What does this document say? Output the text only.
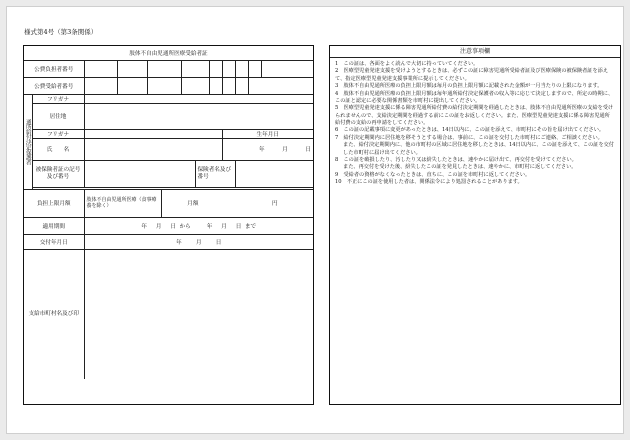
様式第4号（第3条関係）
肢体不自由児通所医療受給者証												
公費負担者番号												
公費受給者番号												
通所給付決定保護者	フリガナ											
	居住地											
	フリガナ								生年月日			
	氏　　名								年 月 日			
	被保険者証の記号及び番号						保険者名及び番号					

負担上限月額		肢体不自由児通所医療（食事療養を除く）			月額 円							
適用期間		年 月 日 から 年 月 日 まで										
交付年月日		年 月 日										
支給市町村名及び印												
注意事項欄

1　この証は、各面をよく読んで大切に持っていてください。

2　医療型児童発達支援を受けようとするときは、必ずこの証に障害児通所受給者証及び医療保険の被保険者証を添えて、指定医療型児童発達支援事業所に提示してください。

3　肢体不自由児通所医療の負担上限月額は毎月の負担上限月額に記載された金額が一月当たりの上限になります。

4　肢体不自由児通所医療の負担上限月額は毎年通所給付決定保護者の収入等に応じて決定しますので、所定の時期に、この証と認定に必要な関係書類を市町村に提出してください。

5　医療型児童発達支援に係る障害児通所給付費の給付決定期間を経過したときは、肢体不自由児通所医療の支給を受けられませんので、支給決定期間を経過する前にこの証をお返しください。また、医療型児童発達支援に係る障害児通所給付費の支給の再申請をしてください。

6　この証の記載事項に変更があったときは、14日以内に、この証を添えて、市町村にその旨を届け出てください。

7　給付決定期間内に居住地を移そうとする場合は、事前に、この証を交付した市町村にご連絡、ご相談ください。

また、給付決定期間内に、他の市町村の区域に居住地を移したときは、14日以内に、この証を添えて、この証を交付した市町村に届け出てください。

8　この証を破損したり、汚したり又は紛失したときは、速やかに届け出て、再交付を受けてください。

また、再交付を受けた後、紛失したこの証を発見したときは、速やかに、市町村に返してください。

9　受給者の資格がなくなったときは、直ちに、この証を市町村に返してください。

10　不正にこの証を使用した者は、関係法令により処罰されることがあります。
